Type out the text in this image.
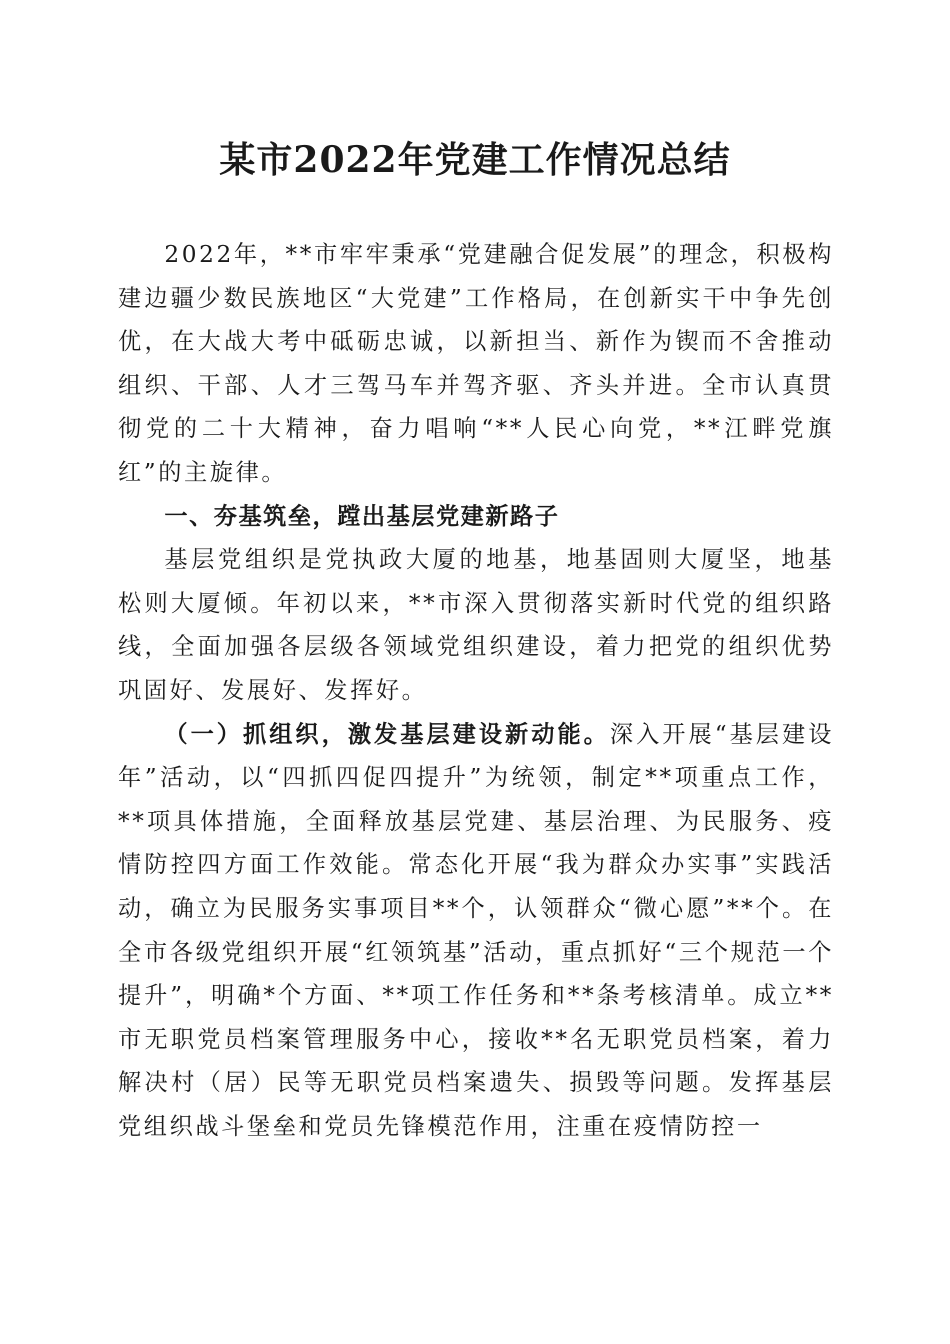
某市2022年党建工作情况总结

2022年，**市牢牢秉承“党建融合促发展”的理念，积极构建边疆少数民族地区“大党建”工作格局，在创新实干中争先创优，在大战大考中砥砺忠诚，以新担当、新作为锲而不舍推动组织、干部、人才三驾马车并驾齐驱、齐头并进。全市认真贯彻党的二十大精神，奋力唱响“**人民心向党，**江畔党旗红”的主旋律。

一、夯基筑垒，蹚出基层党建新路子

基层党组织是党执政大厦的地基，地基固则大厦坚，地基松则大厦倾。年初以来，**市深入贯彻落实新时代党的组织路线，全面加强各层级各领域党组织建设，着力把党的组织优势巩固好、发展好、发挥好。

（一）抓组织，激发基层建设新动能。深入开展“基层建设年”活动，以“四抓四促四提升”为统领，制定**项重点工作，**项具体措施，全面释放基层党建、基层治理、为民服务、疫情防控四方面工作效能。常态化开展“我为群众办实事”实践活动，确立为民服务实事项目**个，认领群众“微心愿”**个。在全市各级党组织开展“红领筑基”活动，重点抓好“三个规范一个提升”，明确*个方面、**项工作任务和**条考核清单。成立**市无职党员档案管理服务中心，接收**名无职党员档案，着力解决村（居）民等无职党员档案遗失、损毁等问题。发挥基层党组织战斗堡垒和党员先锋模范作用，注重在疫情防控一
